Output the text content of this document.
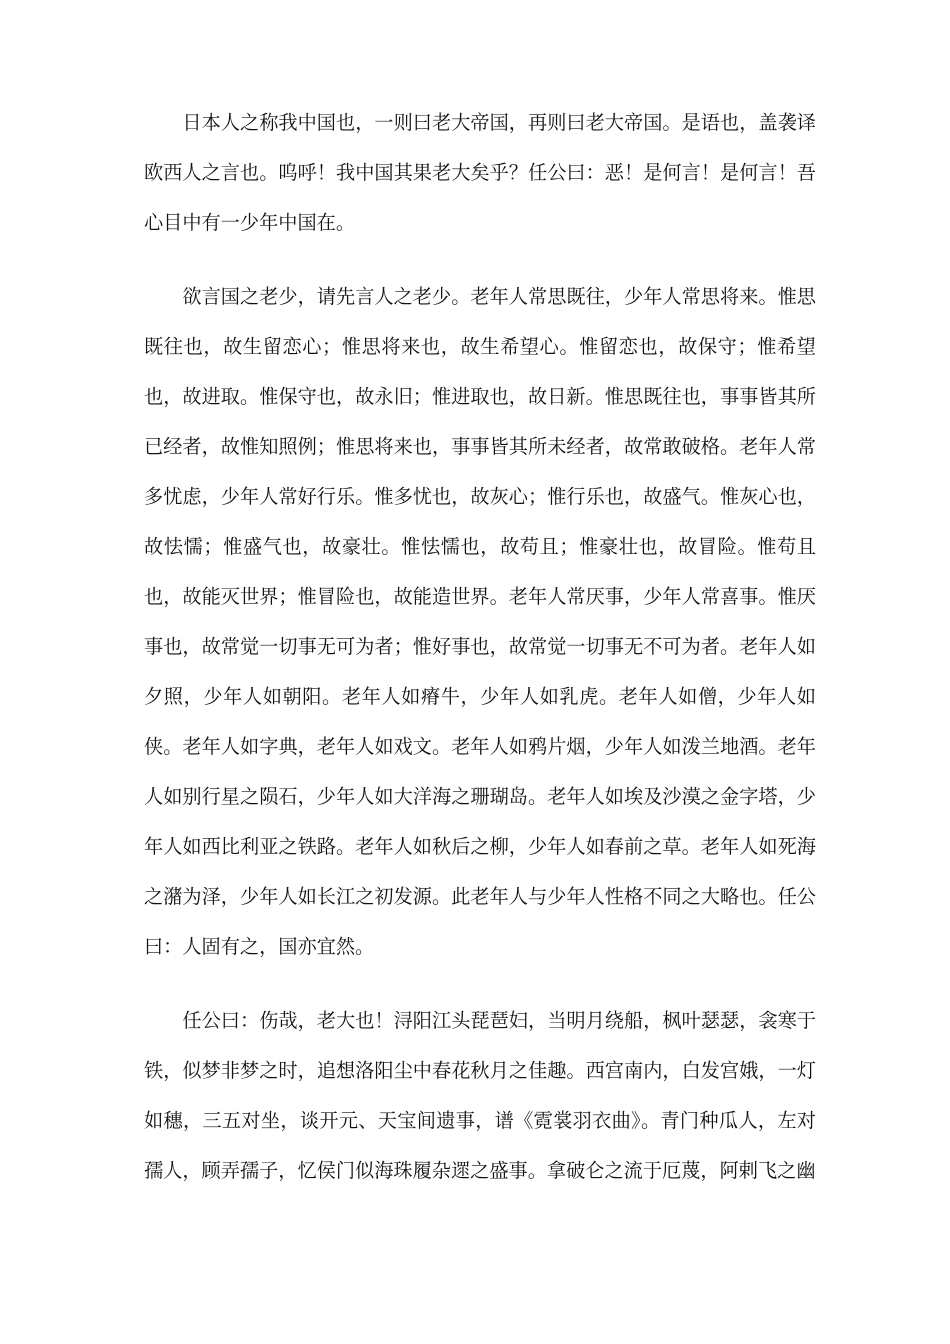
日本人之称我中国也，一则曰老大帝国，再则曰老大帝国。是语也，盖袭译欧西人之言也。呜呼！我中国其果老大矣乎？任公曰：恶！是何言！是何言！吾心目中有一少年中国在。

欲言国之老少，请先言人之老少。老年人常思既往，少年人常思将来。惟思既往也，故生留恋心；惟思将来也，故生希望心。惟留恋也，故保守；惟希望也，故进取。惟保守也，故永旧；惟进取也，故日新。惟思既往也，事事皆其所已经者，故惟知照例；惟思将来也，事事皆其所未经者，故常敢破格。老年人常多忧虑，少年人常好行乐。惟多忧也，故灰心；惟行乐也，故盛气。惟灰心也，故怯懦；惟盛气也，故豪壮。惟怯懦也，故苟且；惟豪壮也，故冒险。惟苟且也，故能灭世界；惟冒险也，故能造世界。老年人常厌事，少年人常喜事。惟厌事也，故常觉一切事无可为者；惟好事也，故常觉一切事无不可为者。老年人如夕照，少年人如朝阳。老年人如瘠牛，少年人如乳虎。老年人如僧，少年人如侠。老年人如字典，老年人如戏文。老年人如鸦片烟，少年人如泼兰地酒。老年人如别行星之陨石，少年人如大洋海之珊瑚岛。老年人如埃及沙漠之金字塔，少年人如西比利亚之铁路。老年人如秋后之柳，少年人如春前之草。老年人如死海之潴为泽，少年人如长江之初发源。此老年人与少年人性格不同之大略也。任公曰：人固有之，国亦宜然。

任公曰：伤哉，老大也！浔阳江头琵琶妇，当明月绕船，枫叶瑟瑟，衾寒于铁，似梦非梦之时，追想洛阳尘中春花秋月之佳趣。西宫南内，白发宫娥，一灯如穗，三五对坐，谈开元、天宝间遗事，谱《霓裳羽衣曲》。青门种瓜人，左对孺人，顾弄孺子，忆侯门似海珠履杂遝之盛事。拿破仑之流于厄蔑，阿剌飞之幽
